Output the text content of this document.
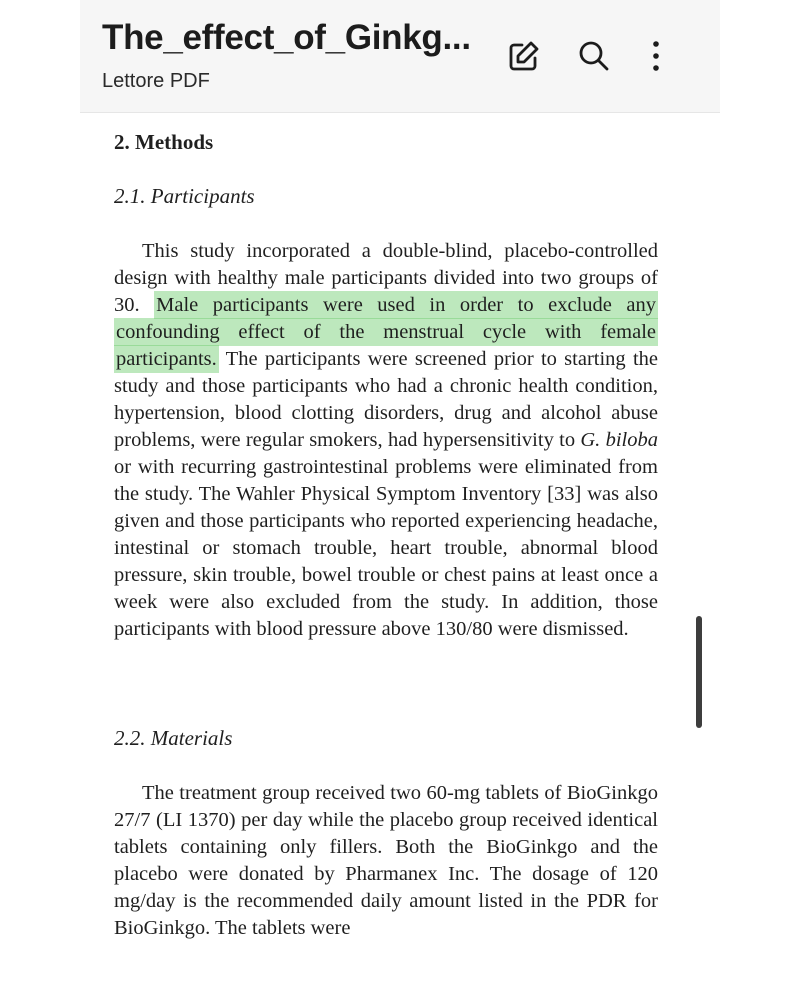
The_effect_of_Ginkg...
Lettore PDF
2. Methods
2.1. Participants

This study incorporated a double-blind, placebo-controlled design with healthy male participants divided into two groups of 30. Male participants were used in order to exclude any confounding effect of the menstrual cycle with female participants. The participants were screened prior to starting the study and those participants who had a chronic health condition, hypertension, blood clotting disorders, drug and alcohol abuse problems, were regular smokers, had hypersensitivity to G. biloba or with recurring gastrointestinal problems were eliminated from the study. The Wahler Physical Symptom Inventory [33] was also given and those participants who reported experiencing headache, intestinal or stomach trouble, heart trouble, abnormal blood pressure, skin trouble, bowel trouble or chest pains at least once a week were also excluded from the study. In addition, those participants with blood pressure above 130/80 were dismissed.

2.2. Materials

The treatment group received two 60-mg tablets of BioGinkgo 27/7 (LI 1370) per day while the placebo group received identical tablets containing only fillers. Both the BioGinkgo and the placebo were donated by Pharmanex Inc. The dosage of 120 mg/day is the recommended daily amount listed in the PDR for BioGinkgo. The tablets were
